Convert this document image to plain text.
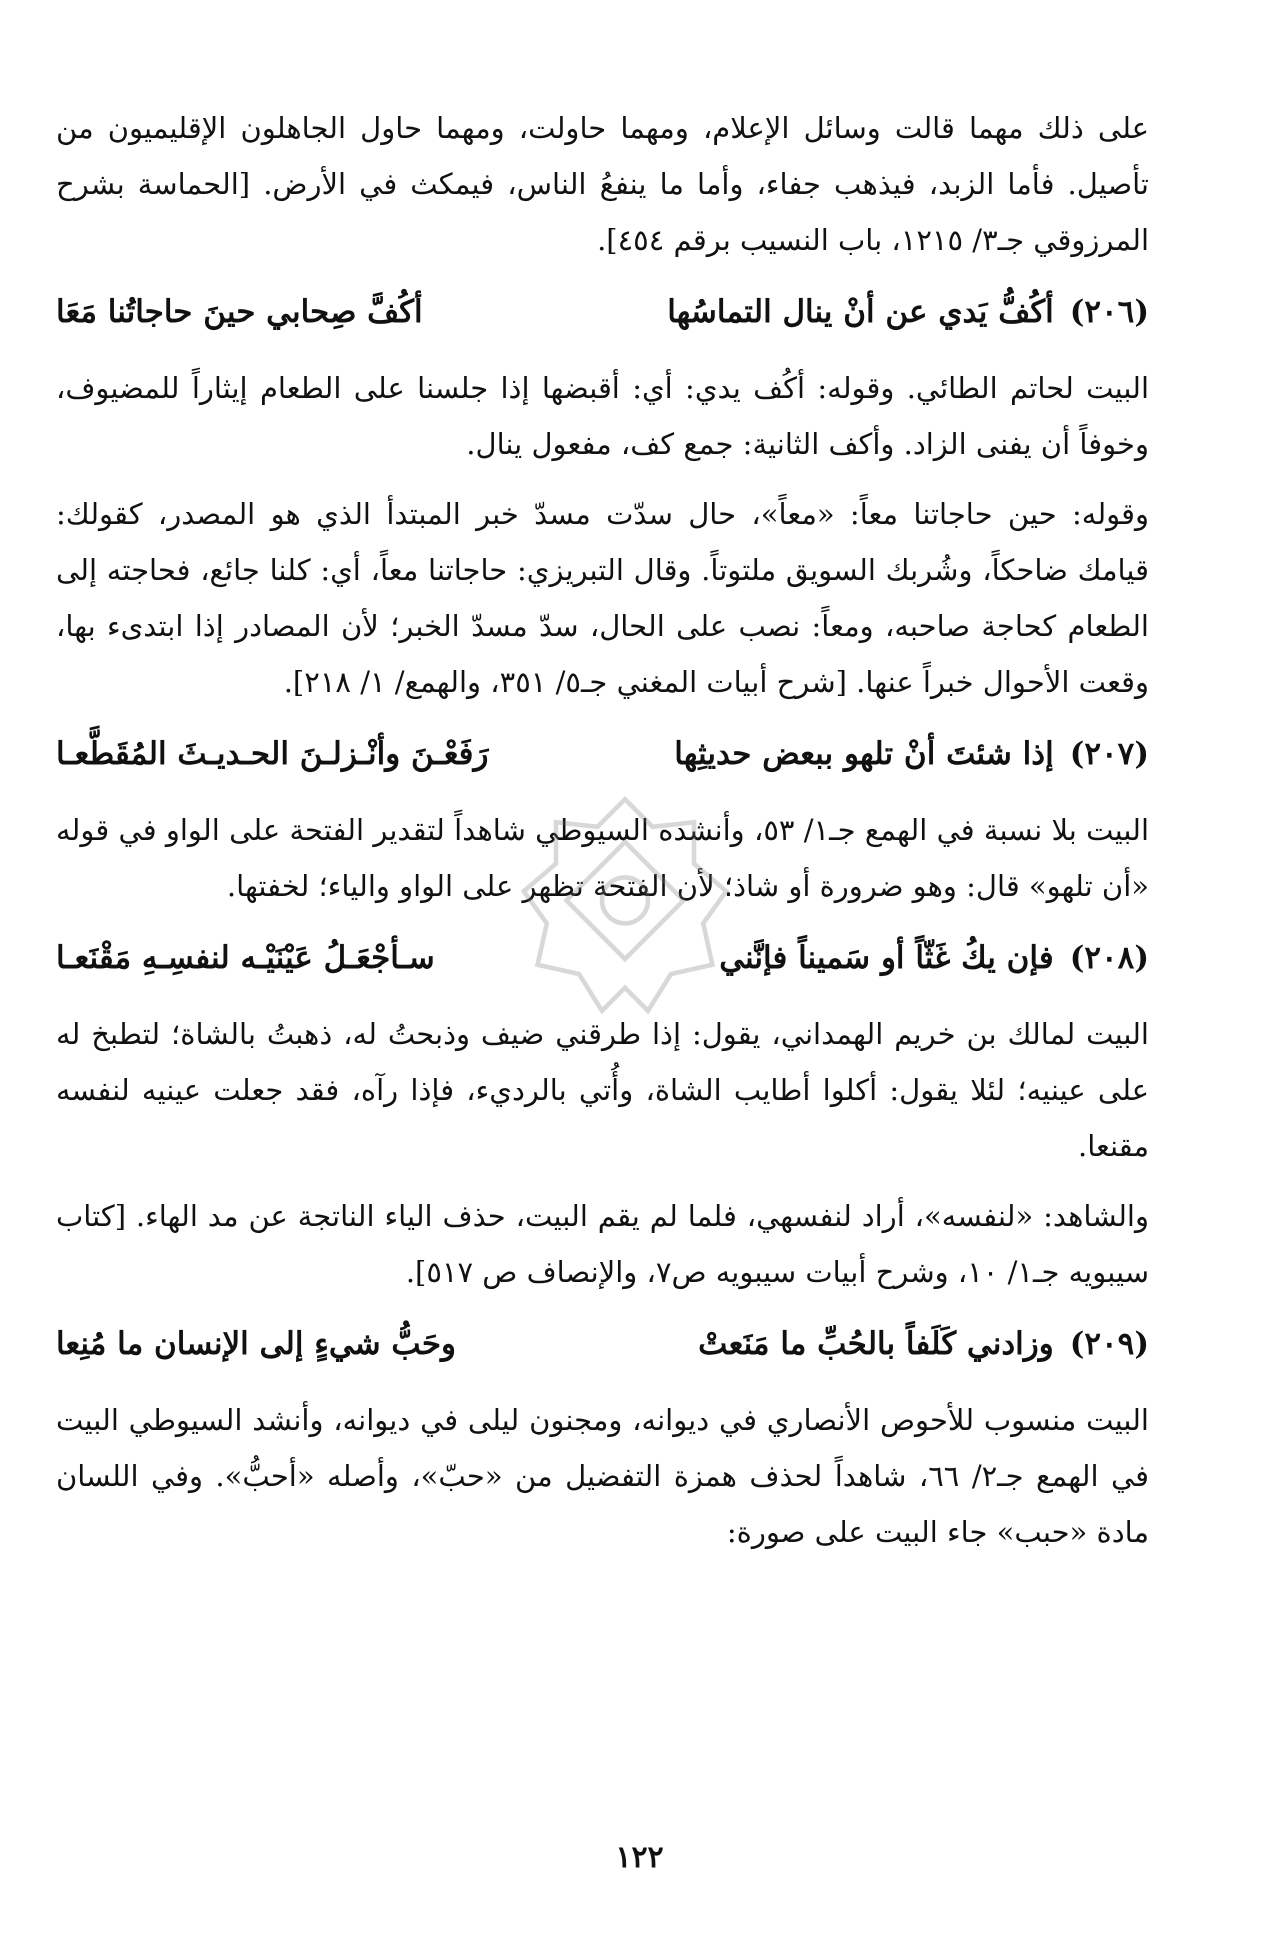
على ذلك مهما قالت وسائل الإعلام، ومهما حاولت، ومهما حاول الجاهلون الإقليميون من تأصيل. فأما الزبد، فيذهب جفاء، وأما ما ينفعُ الناس، فيمكث في الأرض. [الحماسة بشرح المرزوقي جـ٣/ ١٢١٥، باب النسيب برقم ٤٥٤].

(٢٠٦)
أكُفُّ يَدي عن أنْ ينال التماسُها
أكُفَّ صِحابي حينَ حاجاتُنا مَعَا

البيت لحاتم الطائي. وقوله: أكُف يدي: أي: أقبضها إذا جلسنا على الطعام إيثاراً للمضيوف، وخوفاً أن يفنى الزاد. وأكف الثانية: جمع كف، مفعول ينال.

وقوله: حين حاجاتنا معاً: «معاً»، حال سدّت مسدّ خبر المبتدأ الذي هو المصدر، كقولك: قيامك ضاحكاً، وشُربك السويق ملتوتاً. وقال التبريزي: حاجاتنا معاً، أي: كلنا جائع، فحاجته إلى الطعام كحاجة صاحبه، ومعاً: نصب على الحال، سدّ مسدّ الخبر؛ لأن المصادر إذا ابتدىء بها، وقعت الأحوال خبراً عنها. [شرح أبيات المغني جـ٥/ ٣٥١، والهمع/ ١/ ٢١٨].

(٢٠٧)
إذا شئتَ أنْ تلهو ببعض حديثِها
رَفَعْـنَ وأنْـزلـنَ الحـديـثَ المُقَطَّعـا

البيت بلا نسبة في الهمع جـ١/ ٥٣، وأنشده السيوطي شاهداً لتقدير الفتحة على الواو في قوله «أن تلهو» قال: وهو ضرورة أو شاذ؛ لأن الفتحة تظهر على الواو والياء؛ لخفتها.

(٢٠٨)
فإن يكُ غَثّاً أو سَميناً فإنَّني
سـأجْعَـلُ عَيْنَيْـه لنفسِـهِ مَقْنَعـا

البيت لمالك بن خريم الهمداني، يقول: إذا طرقني ضيف وذبحتُ له، ذهبتُ بالشاة؛ لتطبخ له على عينيه؛ لئلا يقول: أكلوا أطايب الشاة، وأُتي بالرديء، فإذا رآه، فقد جعلت عينيه لنفسه مقنعا.

والشاهد: «لنفسه»، أراد لنفسهي، فلما لم يقم البيت، حذف الياء الناتجة عن مد الهاء. [كتاب سيبويه جـ١/ ١٠، وشرح أبيات سيبويه ص٧، والإنصاف ص ٥١٧].

(٢٠٩)
وزادني كَلَفاً بالحُبِّ ما مَنَعتْ
وحَبُّ شيءٍ إلى الإنسان ما مُنِعا

البيت منسوب للأحوص الأنصاري في ديوانه، ومجنون ليلى في ديوانه، وأنشد السيوطي البيت في الهمع جـ٢/ ٦٦، شاهداً لحذف همزة التفضيل من «حبّ»، وأصله «أحبُّ». وفي اللسان مادة «حبب» جاء البيت على صورة:

١٢٢
